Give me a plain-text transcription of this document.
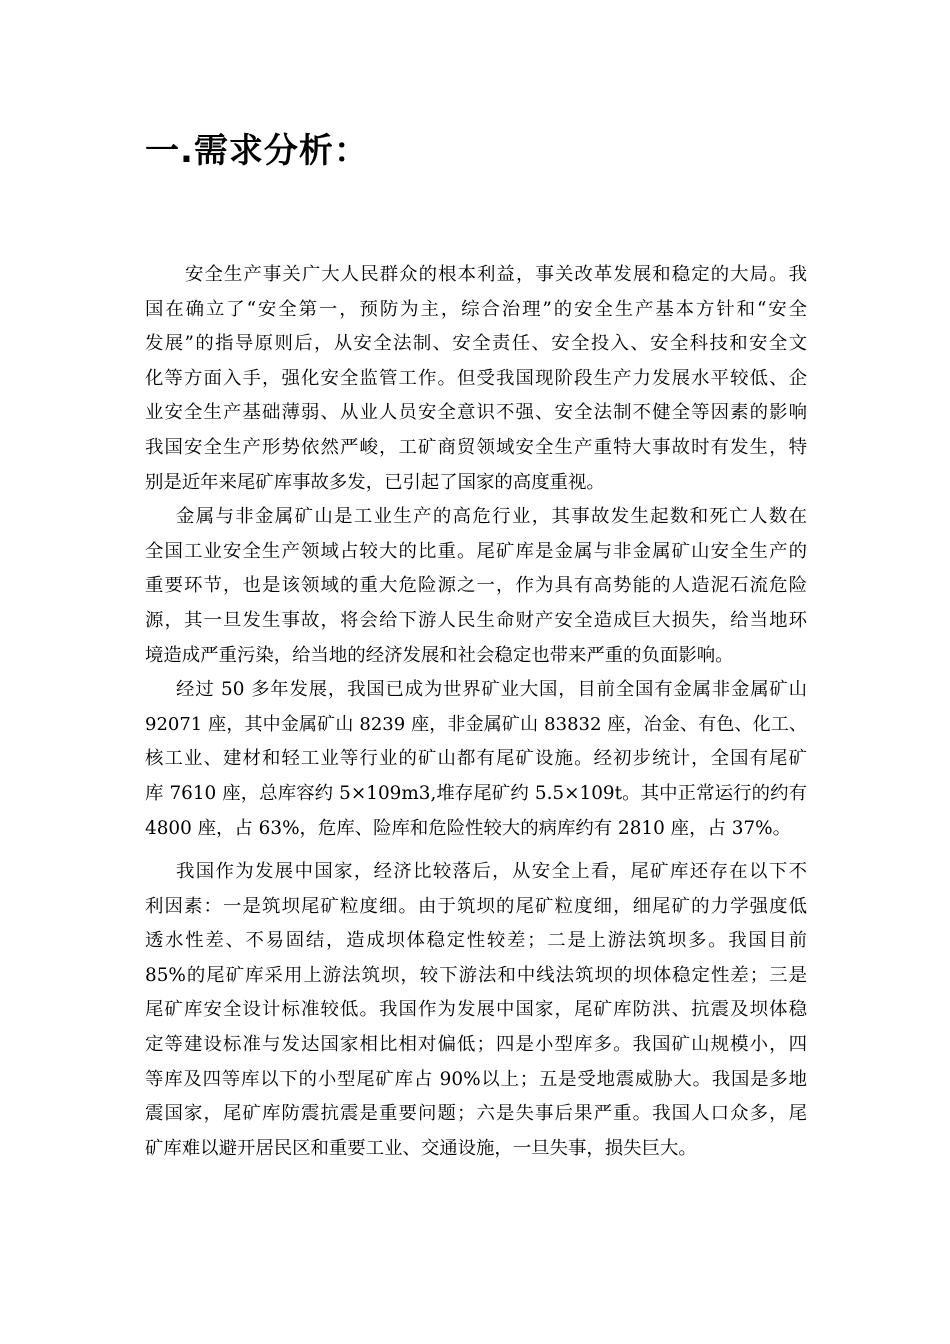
一.需求分析：
安全生产事关广大人民群众的根本利益，事关改革发展和稳定的大局。我
国在确立了“安全第一，预防为主，综合治理”的安全生产基本方针和“安全
发展”的指导原则后，从安全法制、安全责任、安全投入、安全科技和安全文
化等方面入手，强化安全监管工作。但受我国现阶段生产力发展水平较低、企
业安全生产基础薄弱、从业人员安全意识不强、安全法制不健全等因素的影响
我国安全生产形势依然严峻，工矿商贸领域安全生产重特大事故时有发生，特
别是近年来尾矿库事故多发，已引起了国家的高度重视。
金属与非金属矿山是工业生产的高危行业，其事故发生起数和死亡人数在
全国工业安全生产领域占较大的比重。尾矿库是金属与非金属矿山安全生产的
重要环节，也是该领域的重大危险源之一，作为具有高势能的人造泥石流危险
源，其一旦发生事故，将会给下游人民生命财产安全造成巨大损失，给当地环
境造成严重污染，给当地的经济发展和社会稳定也带来严重的负面影响。
经过 50 多年发展，我国已成为世界矿业大国，目前全国有金属非金属矿山
92071 座，其中金属矿山 8239 座，非金属矿山 83832 座，冶金、有色、化工、
核工业、建材和轻工业等行业的矿山都有尾矿设施。经初步统计，全国有尾矿
库 7610 座，总库容约 5×109m3,堆存尾矿约 5.5×109t。其中正常运行的约有
4800 座，占 63%，危库、险库和危险性较大的病库约有 2810 座，占 37%。
我国作为发展中国家，经济比较落后，从安全上看，尾矿库还存在以下不
利因素：一是筑坝尾矿粒度细。由于筑坝的尾矿粒度细，细尾矿的力学强度低
透水性差、不易固结，造成坝体稳定性较差；二是上游法筑坝多。我国目前
85%的尾矿库采用上游法筑坝，较下游法和中线法筑坝的坝体稳定性差；三是
尾矿库安全设计标准较低。我国作为发展中国家，尾矿库防洪、抗震及坝体稳
定等建设标准与发达国家相比相对偏低；四是小型库多。我国矿山规模小，四
等库及四等库以下的小型尾矿库占 90%以上；五是受地震威胁大。我国是多地
震国家，尾矿库防震抗震是重要问题；六是失事后果严重。我国人口众多，尾
矿库难以避开居民区和重要工业、交通设施，一旦失事，损失巨大。
